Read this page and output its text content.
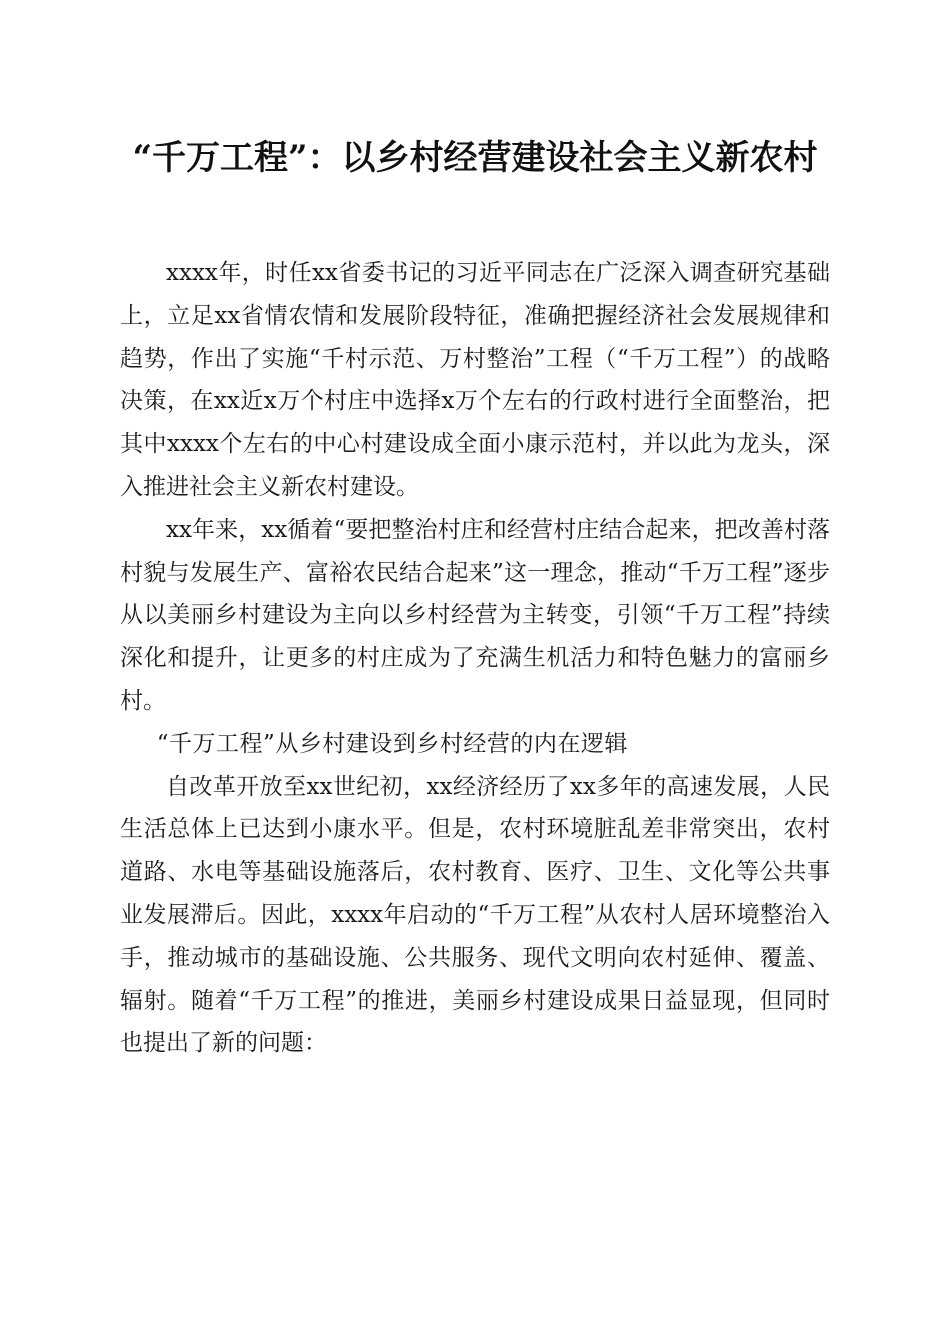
“千万工程”：以乡村经营建设社会主义新农村

xxxx年，时任xx省委书记的习近平同志在广泛深入调查研究基础上，立足xx省情农情和发展阶段特征，准确把握经济社会发展规律和趋势，作出了实施“千村示范、万村整治”工程（“千万工程”）的战略决策，在xx近x万个村庄中选择x万个左右的行政村进行全面整治，把其中xxxx个左右的中心村建设成全面小康示范村，并以此为龙头，深入推进社会主义新农村建设。

xx年来，xx循着“要把整治村庄和经营村庄结合起来，把改善村落村貌与发展生产、富裕农民结合起来”这一理念，推动“千万工程”逐步从以美丽乡村建设为主向以乡村经营为主转变，引领“千万工程”持续深化和提升，让更多的村庄成为了充满生机活力和特色魅力的富丽乡村。

“千万工程”从乡村建设到乡村经营的内在逻辑

自改革开放至xx世纪初，xx经济经历了xx多年的高速发展，人民生活总体上已达到小康水平。但是，农村环境脏乱差非常突出，农村道路、水电等基础设施落后，农村教育、医疗、卫生、文化等公共事业发展滞后。因此，xxxx年启动的“千万工程”从农村人居环境整治入手，推动城市的基础设施、公共服务、现代文明向农村延伸、覆盖、辐射。随着“千万工程”的推进，美丽乡村建设成果日益显现，但同时也提出了新的问题：
